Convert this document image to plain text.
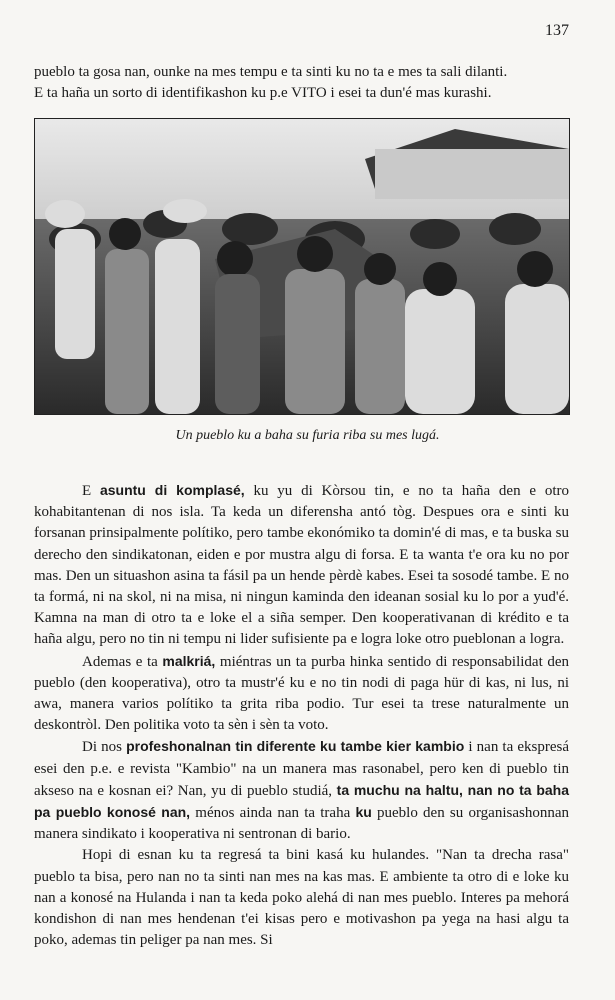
137

pueblo ta gosa nan, ounke na mes tempu e ta sinti ku no ta e mes ta sali dilanti.

E ta haña un sorto di identifikashon ku p.e VITO i esei ta dun'é mas kurashi.

Un pueblo ku a baha su furia riba su mes lugá.

E asuntu di komplasé, ku yu di Kòrsou tin, e no ta haña den e otro kohabitantenan di nos isla. Ta keda un diferensha antó tòg. Despues ora e sinti ku forsanan prinsipalmente polítiko, pero tambe ekonómiko ta domin'é di mas, e ta buska su derecho den sindikatonan, eiden e por mustra algu di forsa. E ta wanta t'e ora ku no por mas. Den un situashon asina ta fásil pa un hende pèrdè kabes. Esei ta sosodé tambe. E no ta formá, ni na skol, ni na misa, ni ningun kaminda den ideanan sosial ku lo por a yud'é. Kamna na man di otro ta e loke el a siña semper. Den kooperativanan di krédito e ta haña algu, pero no tin ni tempu ni lider sufisiente pa e logra loke otro pueblonan a logra.

Ademas e ta malkriá, miéntras un ta purba hinka sentido di responsabilidat den pueblo (den kooperativa), otro ta mustr'é ku e no tin nodi di paga hür di kas, ni lus, ni awa, manera varios polítiko ta grita riba podio. Tur esei ta trese naturalmente un deskontròl. Den politika voto ta sèn i sèn ta voto.

Di nos profeshonalnan tin diferente ku tambe kier kambio i nan ta ekspresá esei den p.e. e revista "Kambio" na un manera mas rasonabel, pero ken di pueblo tin akseso na e kosnan ei? Nan, yu di pueblo studiá, ta muchu na haltu, nan no ta baha pa pueblo konosé nan, ménos ainda nan ta traha ku pueblo den su organisashonnan manera sindikato i kooperativa ni sentronan di bario.

Hopi di esnan ku ta regresá ta bini kasá ku hulandes. "Nan ta drecha rasa" pueblo ta bisa, pero nan no ta sinti nan mes na kas mas. E ambiente ta otro di e loke ku nan a konosé na Hulanda i nan ta keda poko alehá di nan mes pueblo. Interes pa mehorá kondishon di nan mes hendenan t'ei kisas pero e motivashon pa yega na hasi algu ta poko, ademas tin peliger pa nan mes. Si
